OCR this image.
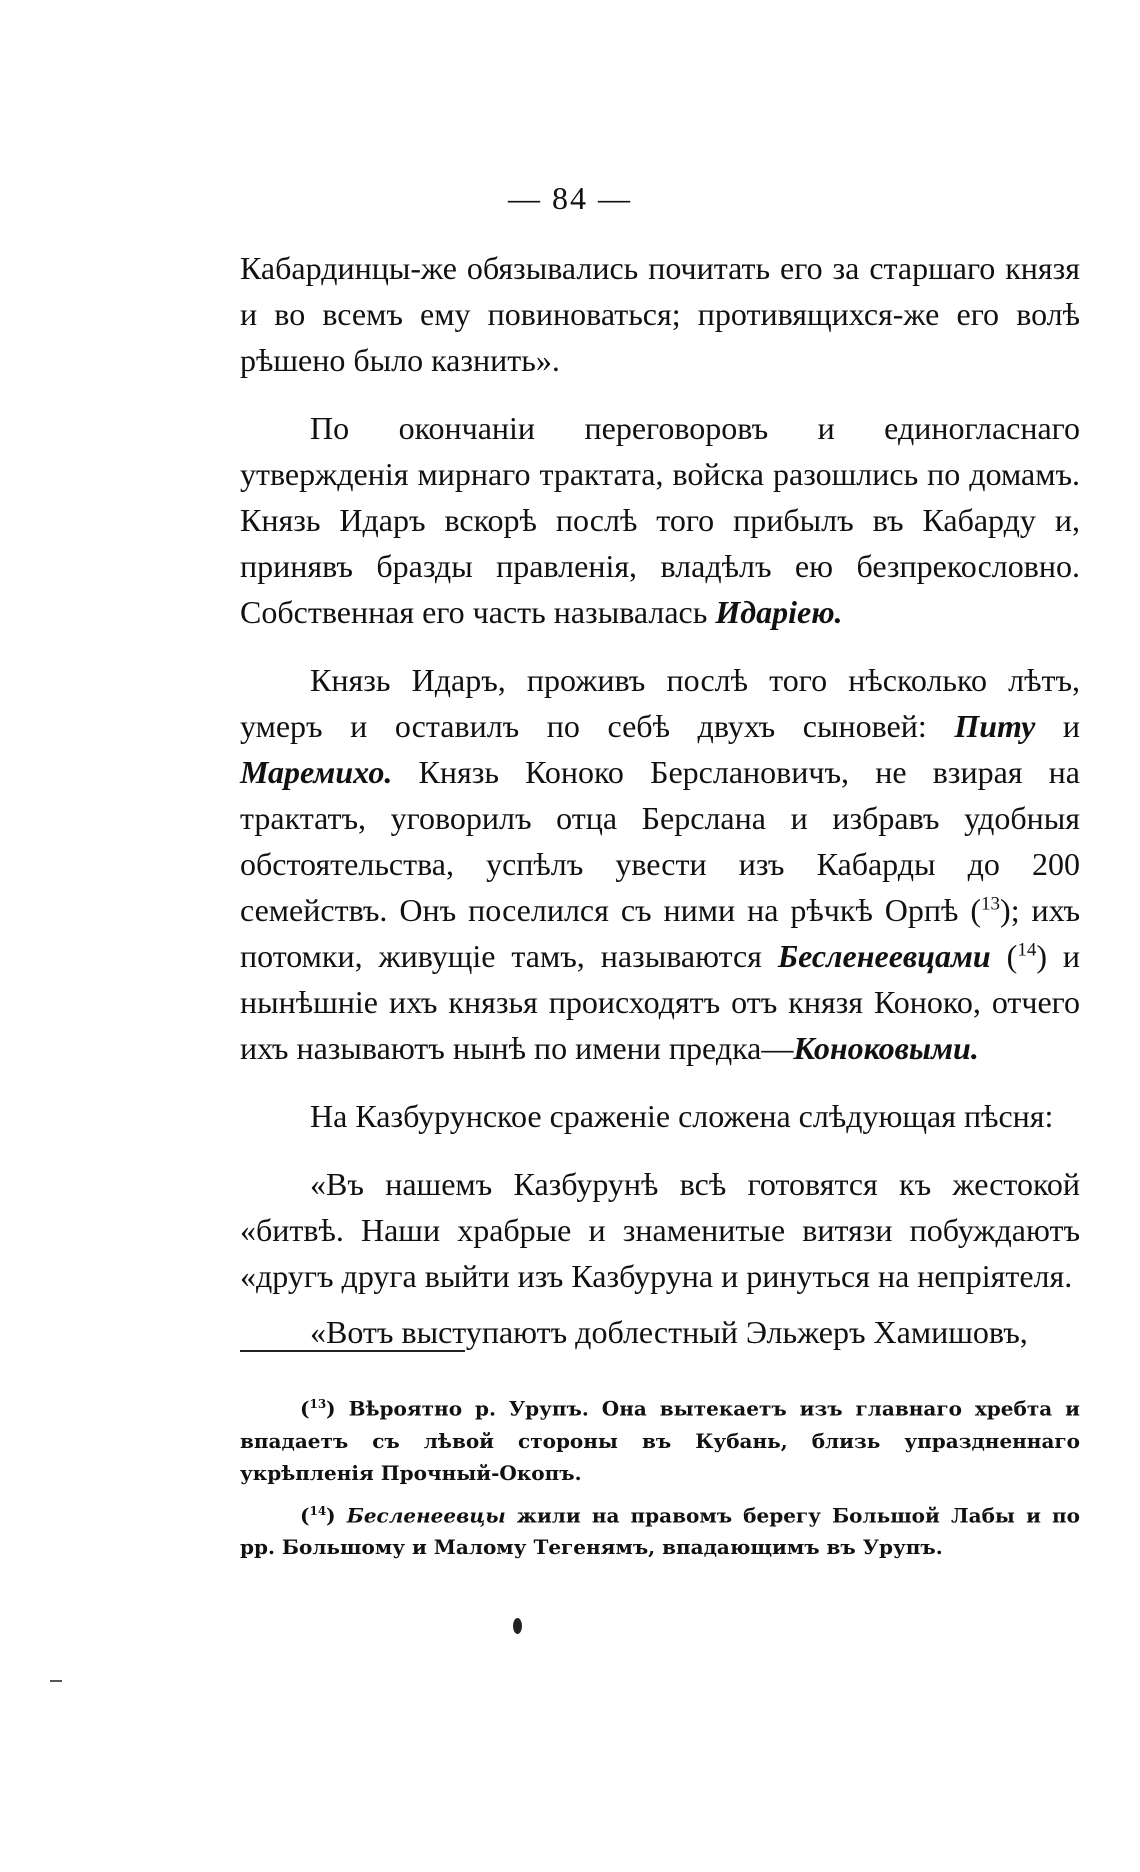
— 84 —

Кабардинцы-же обязывались почитать его за старшаго князя и во всемъ ему повиноваться; противящихся-же его волѣ рѣшено было казнить».

По окончаніи переговоровъ и единогласнаго утвержденія мирнаго трактата, войска разошлись по домамъ. Князь Идаръ вскорѣ послѣ того прибылъ въ Кабарду и, принявъ бразды правленія, владѣлъ ею безпрекословно. Собственная его часть называлась Идаріею.

Князь Идаръ, проживъ послѣ того нѣсколько лѣтъ, умеръ и оставилъ по себѣ двухъ сыновей: Питу и Маремихо. Князь Коноко Берслановичъ, не взирая на трактатъ, уговорилъ отца Берслана и избравъ удобныя обстоятельства, успѣлъ увести изъ Кабарды до 200 семействъ. Онъ поселился съ ними на рѣчкѣ Орпѣ ($^{13}$); ихъ потомки, живущіе тамъ, называются Бесленеевцами ($^{14}$) и нынѣшніе ихъ князья происходятъ отъ князя Коноко, отчего ихъ называютъ нынѣ по имени предка—Коноковыми.

На Казбурунское сраженіе сложена слѣдующая пѣсня:

«Въ нашемъ Казбурунѣ всѣ готовятся къ жестокой «битвѣ. Наши храбрые и знаменитые витязи побуждаютъ «другъ друга выйти изъ Казбуруна и ринуться на непріятеля.

«Вотъ выступаютъ доблестный Эльжеръ Хамишовъ,

($^{13}$) Вѣроятно р. Урупъ. Она вытекаетъ изъ главнаго хребта и впадаетъ съ лѣвой стороны въ Кубань, близь упраздненнаго укрѣпленія Прочный-Окопъ.

($^{14}$) Бесленеевцы жили на правомъ берегу Большой Лабы и по рр. Большому и Малому Тегенямъ, впадающимъ въ Урупъ.
